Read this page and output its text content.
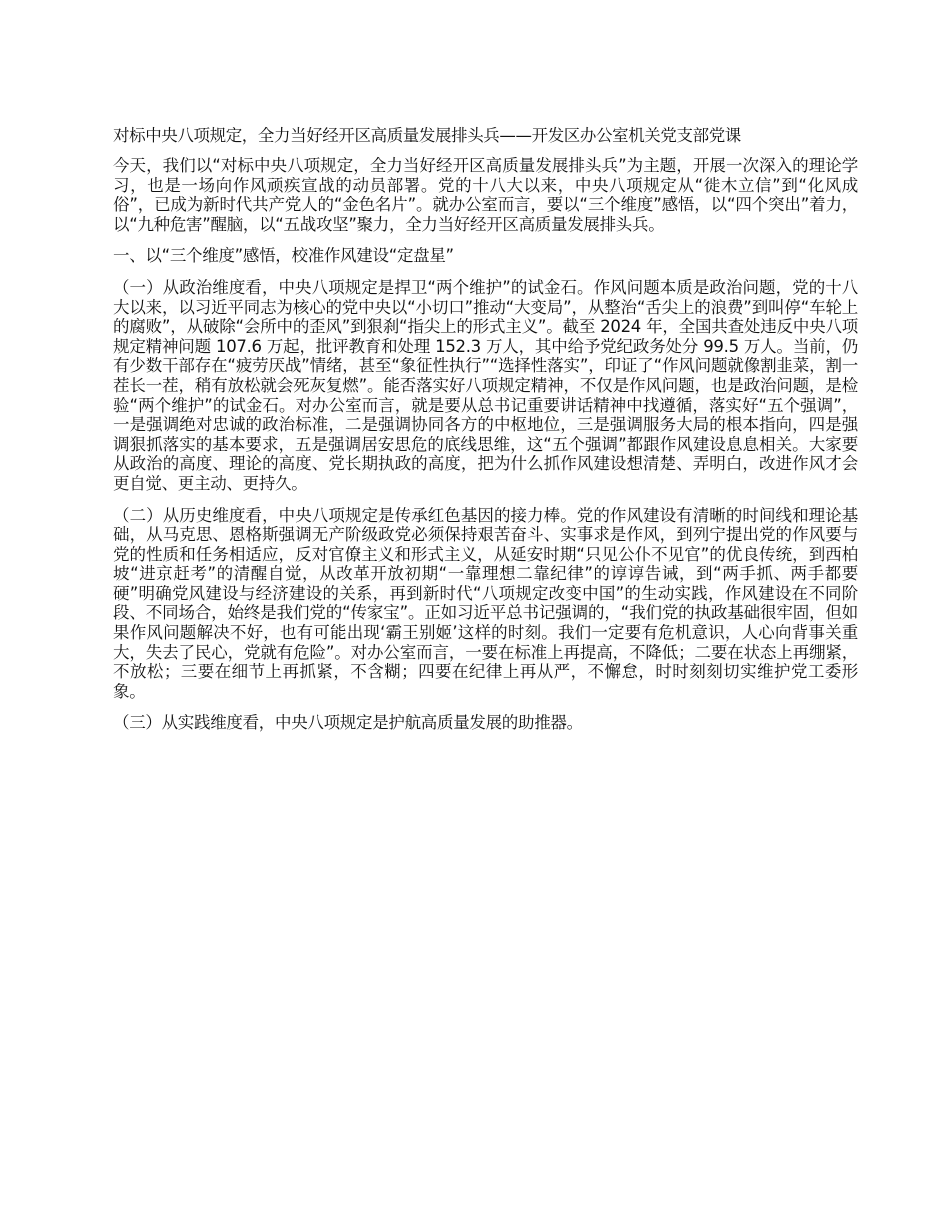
对标中央八项规定，全力当好经开区高质量发展排头兵——开发区办公室机关党支部党课

今天，我们以“对标中央八项规定，全力当好经开区高质量发展排头兵”为主题，开展一次深入的理论学习，也是一场向作风顽疾宣战的动员部署。党的十八大以来，中央八项规定从“徙木立信”到“化风成俗”，已成为新时代共产党人的“金色名片”。就办公室而言，要以“三个维度”感悟，以“四个突出”着力，以“九种危害”醒脑，以“五战攻坚”聚力，全力当好经开区高质量发展排头兵。

一、以“三个维度”感悟，校准作风建设“定盘星”

（一）从政治维度看，中央八项规定是捍卫“两个维护”的试金石。作风问题本质是政治问题，党的十八大以来，以习近平同志为核心的党中央以“小切口”推动“大变局”，从整治“舌尖上的浪费”到叫停“车轮上的腐败”，从破除“会所中的歪风”到狠刹“指尖上的形式主义”。截至 2024 年，全国共查处违反中央八项规定精神问题 107.6 万起，批评教育和处理 152.3 万人，其中给予党纪政务处分 99.5 万人。当前，仍有少数干部存在“疲劳厌战”情绪，甚至“象征性执行”“选择性落实”，印证了“作风问题就像割韭菜，割一茬长一茬，稍有放松就会死灰复燃”。能否落实好八项规定精神，不仅是作风问题，也是政治问题，是检验“两个维护”的试金石。对办公室而言，就是要从总书记重要讲话精神中找遵循，落实好“五个强调”，一是强调绝对忠诚的政治标准，二是强调协同各方的中枢地位，三是强调服务大局的根本指向，四是强调狠抓落实的基本要求，五是强调居安思危的底线思维，这“五个强调”都跟作风建设息息相关。大家要从政治的高度、理论的高度、党长期执政的高度，把为什么抓作风建设想清楚、弄明白，改进作风才会更自觉、更主动、更持久。

（二）从历史维度看，中央八项规定是传承红色基因的接力棒。党的作风建设有清晰的时间线和理论基础，从马克思、恩格斯强调无产阶级政党必须保持艰苦奋斗、实事求是作风，到列宁提出党的作风要与党的性质和任务相适应，反对官僚主义和形式主义，从延安时期“只见公仆不见官”的优良传统，到西柏坡“进京赶考”的清醒自觉，从改革开放初期“一靠理想二靠纪律”的谆谆告诫，到“两手抓、两手都要硬”明确党风建设与经济建设的关系，再到新时代“八项规定改变中国”的生动实践，作风建设在不同阶段、不同场合，始终是我们党的“传家宝”。正如习近平总书记强调的，“我们党的执政基础很牢固，但如果作风问题解决不好，也有可能出现‘霸王别姬’这样的时刻。我们一定要有危机意识，人心向背事关重大，失去了民心，党就有危险”。对办公室而言，一要在标准上再提高，不降低；二要在状态上再绷紧，不放松；三要在细节上再抓紧，不含糊；四要在纪律上再从严，不懈怠，时时刻刻切实维护党工委形象。

（三）从实践维度看，中央八项规定是护航高质量发展的助推器。
